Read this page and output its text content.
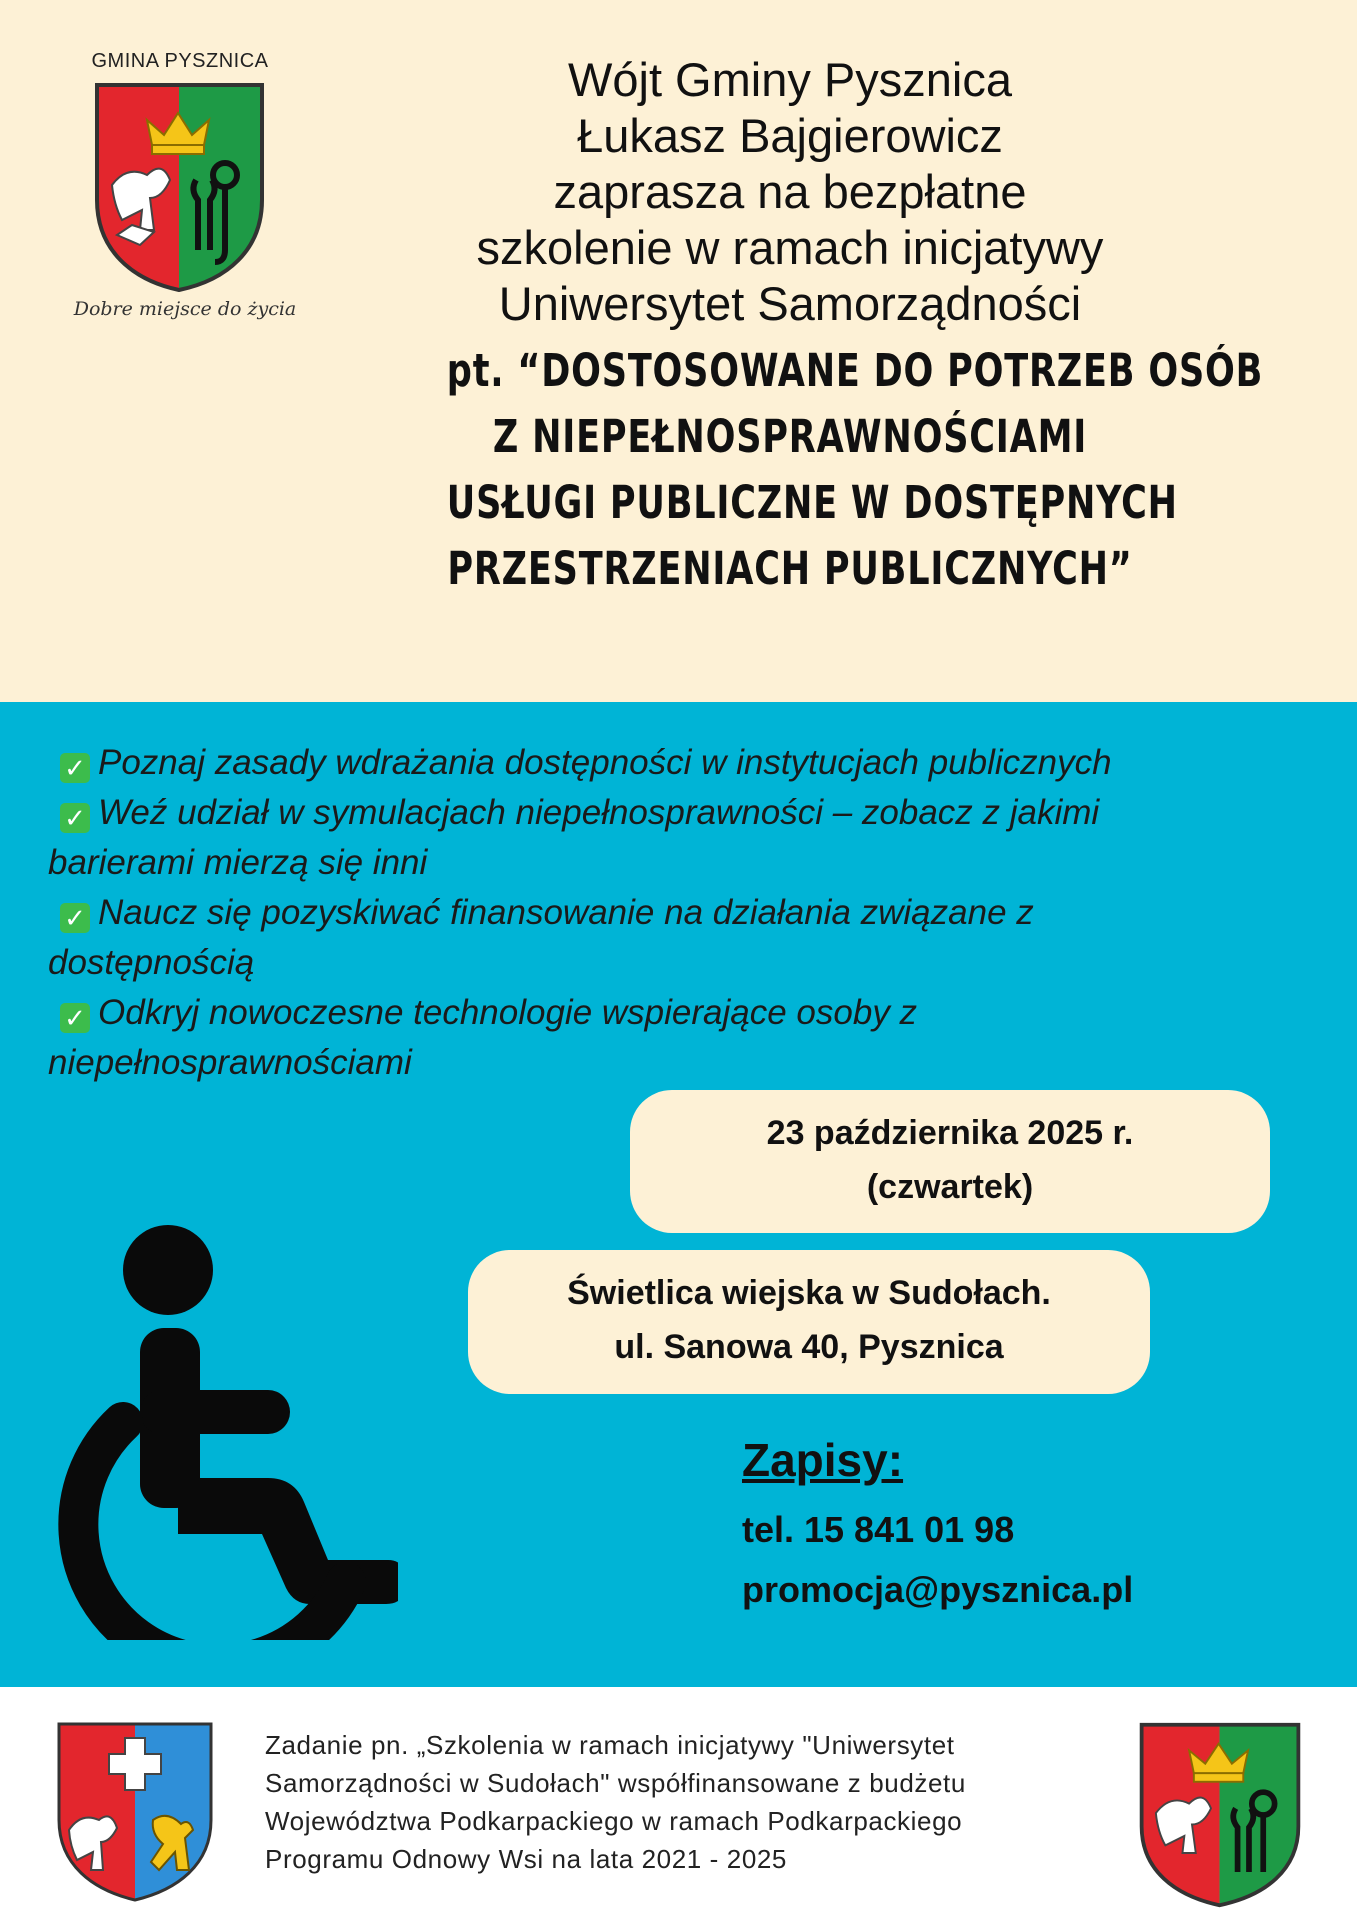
GMINA PYSZNICA
Dobre miejsce do życia
Wójt Gminy Pysznica
Łukasz Bajgierowicz
zaprasza na bezpłatne
szkolenie w ramach inicjatywy
Uniwersytet Samorządności
pt. “DOSTOSOWANE DO POTRZEB OSÓB
Z NIEPEŁNOSPRAWNOŚCIAMI
USŁUGI PUBLICZNE W DOSTĘPNYCH
PRZESTRZENIACH PUBLICZNYCH”
✓ Poznaj zasady wdrażania dostępności w instytucjach publicznych
✓ Weź udział w symulacjach niepełnosprawności – zobacz z jakimi
barierami mierzą się inni
✓ Naucz się pozyskiwać finansowanie na działania związane z
dostępnością
✓ Odkryj nowoczesne technologie wspierające osoby z
niepełnosprawnościami
23 października 2025 r.
(czwartek)
Świetlica wiejska w Sudołach.
ul. Sanowa 40, Pysznica
Zapisy:
tel. 15 841 01 98
promocja@pysznica.pl
Zadanie pn. „Szkolenia w ramach inicjatywy "Uniwersytet
Samorządności w Sudołach" współfinansowane z budżetu
Województwa Podkarpackiego w ramach Podkarpackiego
Programu Odnowy Wsi na lata 2021 - 2025
